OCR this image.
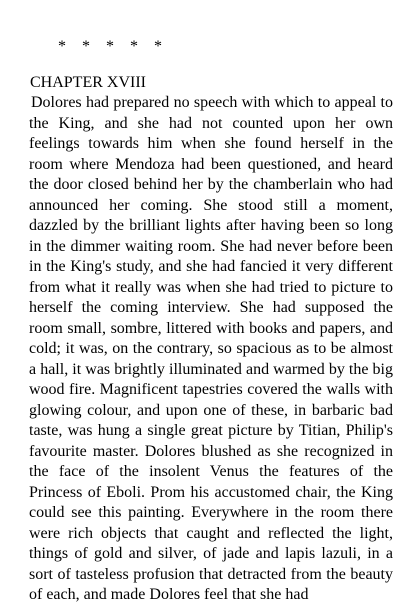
*    *    *    *    *

CHAPTER XVIII

Dolores had prepared no speech with which to appeal to the King, and she had not counted upon her own feelings towards him when she found herself in the room where Mendoza had been questioned, and heard the door closed behind her by the chamberlain who had announced her coming. She stood still a moment, dazzled by the brilliant lights after having been so long in the dimmer waiting room. She had never before been in the King's study, and she had fancied it very different from what it really was when she had tried to picture to herself the coming interview. She had supposed the room small, sombre, littered with books and papers, and cold; it was, on the contrary, so spacious as to be almost a hall, it was brightly illuminated and warmed by the big wood fire. Magnificent tapestries covered the walls with glowing colour, and upon one of these, in barbaric bad taste, was hung a single great picture by Titian, Philip's favourite master. Dolores blushed as she recognized in the face of the insolent Venus the features of the Princess of Eboli. Prom his accustomed chair, the King could see this painting. Everywhere in the room there were rich objects that caught and reflected the light, things of gold and silver, of jade and lapis lazuli, in a sort of tasteless profusion that detracted from the beauty of each, and made Dolores feel that she had
